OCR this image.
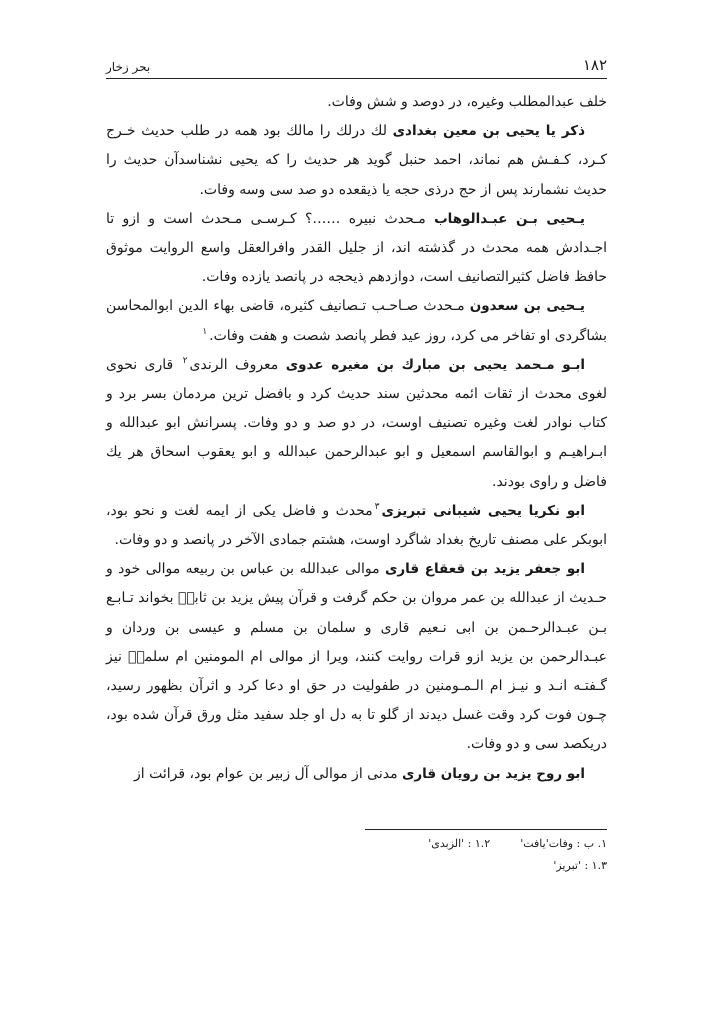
۱۸۲
بحر زخار

خلف عبدالمطلب وغیره، در دوصد و شش وفات.

ذکر یا یحیی بن معین بغدادی لك درلك را مالك بود همه در طلب حدیث خـرج کـرد، کـفـش هم نماند، احمد حنبل گوید هر حدیث را که یحیی نشناسدآن حدیث را حدیث نشمارند پس از حج درذی حجه یا ذیقعده دو صد سی وسه وفات.

یـحیی بـن عبـدالوهاب مـحدث نبیره ……؟ کـرسـی مـحدث است و ازو تا اجـدادش همه محدث در گذشته اند، از جلیل القدر وافرالعقل واسع الروایت موثوق حافظ فاضل کثیرالتصانیف است، دوازدهم ذیحجه در پانصد یازده وفات.

یـحیی بن سعدون مـحدث صـاحـب تـصانیف کثیره، قاضی بهاء الدین ابوالمحاسن بشاگردی او تفاخر می کرد، روز عید فطر پانصد شصت و هفت وفات.$^۱$

ابـو مـحمد یحیی بن مبارك بن مغیره عدوی معروف الرندی$^۲$ قاری نحوی لغوی محدث از ثقات ائمه محدثین سند حدیث کرد و بافضل ترین مردمان بسر برد و کتاب نوادر لغت وغیره تصنیف اوست، در دو صد و دو وفات. پسرانش ابو عبدالله و ابـراهیـم و ابوالقاسم اسمعیل و ابو عبدالرحمن عبدالله و ابو یعقوب اسحاق هر یك فاضل و راوی بودند.

ابو نکریا یحیی شیبانی تبریزی$^۳$محدث و فاضل یکی از ایمه لغت و نحو بود، ابوبکر علی مصنف تاریخ بغداد شاگرد اوست، هشتم جمادی الآخر در پانصد و دو وفات.

ابو جعفر یزید بن قعقاع قاری موالی عبدالله بن عباس بن ربیعه موالی خود و حـدیث از عبدالله بن عمر مروان بن حکم گرفت و قرآن پیش یزید بن ثابتؓ بخواند تـابـع بـن عبـدالرحـمن بن ابی نـعیم قاری و سلمان بن مسلم و عیسی بن وردان و عبـدالرحمن بن یزید ازو قرات روایت کنند، ویرا از موالی ام المومنین ام سلمهؓ نیز گـفتـه انـد و نیـز ام الـمـومنین در طفولیت در حق او دعا کرد و اثرآن بظهور رسید، چـون فوت کرد وقت غسل دیدند از گلو تا به دل او جلد سفید مثل ورق قرآن شده بود، دریکصد سی و دو وفات.

ابو روح یزید بن رویان قاری مدنی از موالی آل زبیر بن عوام بود، قرائت از

۱. ب : وفات'یافت'
۱.۲ : 'الزبدی'
۱.۳ : 'تبریز'
